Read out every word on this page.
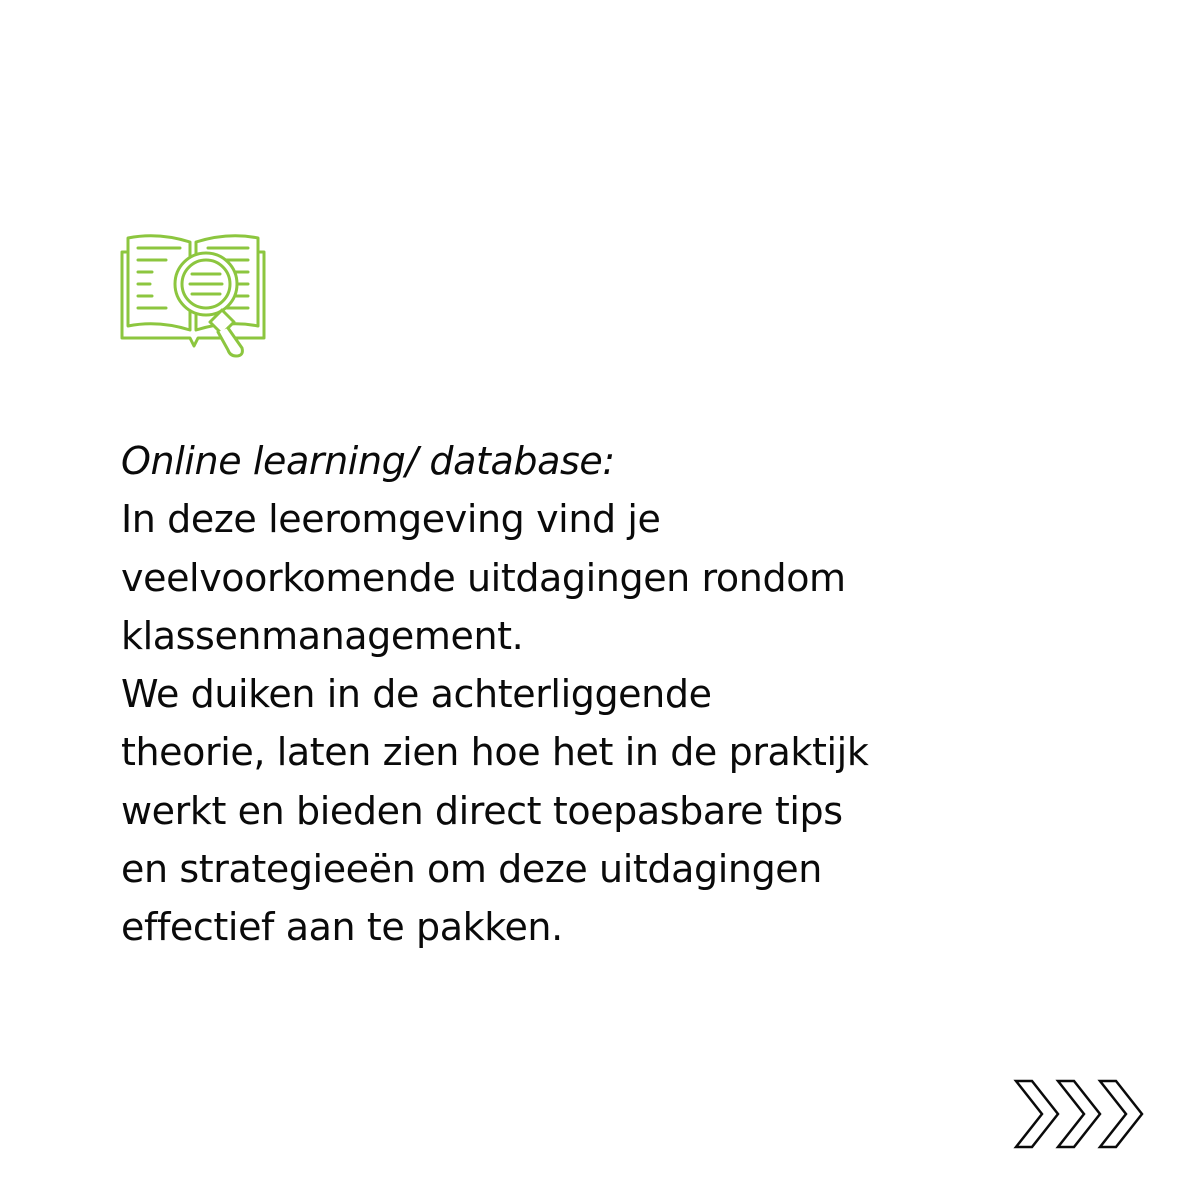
Online learning/ database:

In deze leeromgeving vind je

veelvoorkomende uitdagingen rondom

klassenmanagement.

We duiken in de achterliggende

theorie, laten zien hoe het in de praktijk

werkt en bieden direct toepasbare tips

en strategieeën om deze uitdagingen

effectief aan te pakken.
